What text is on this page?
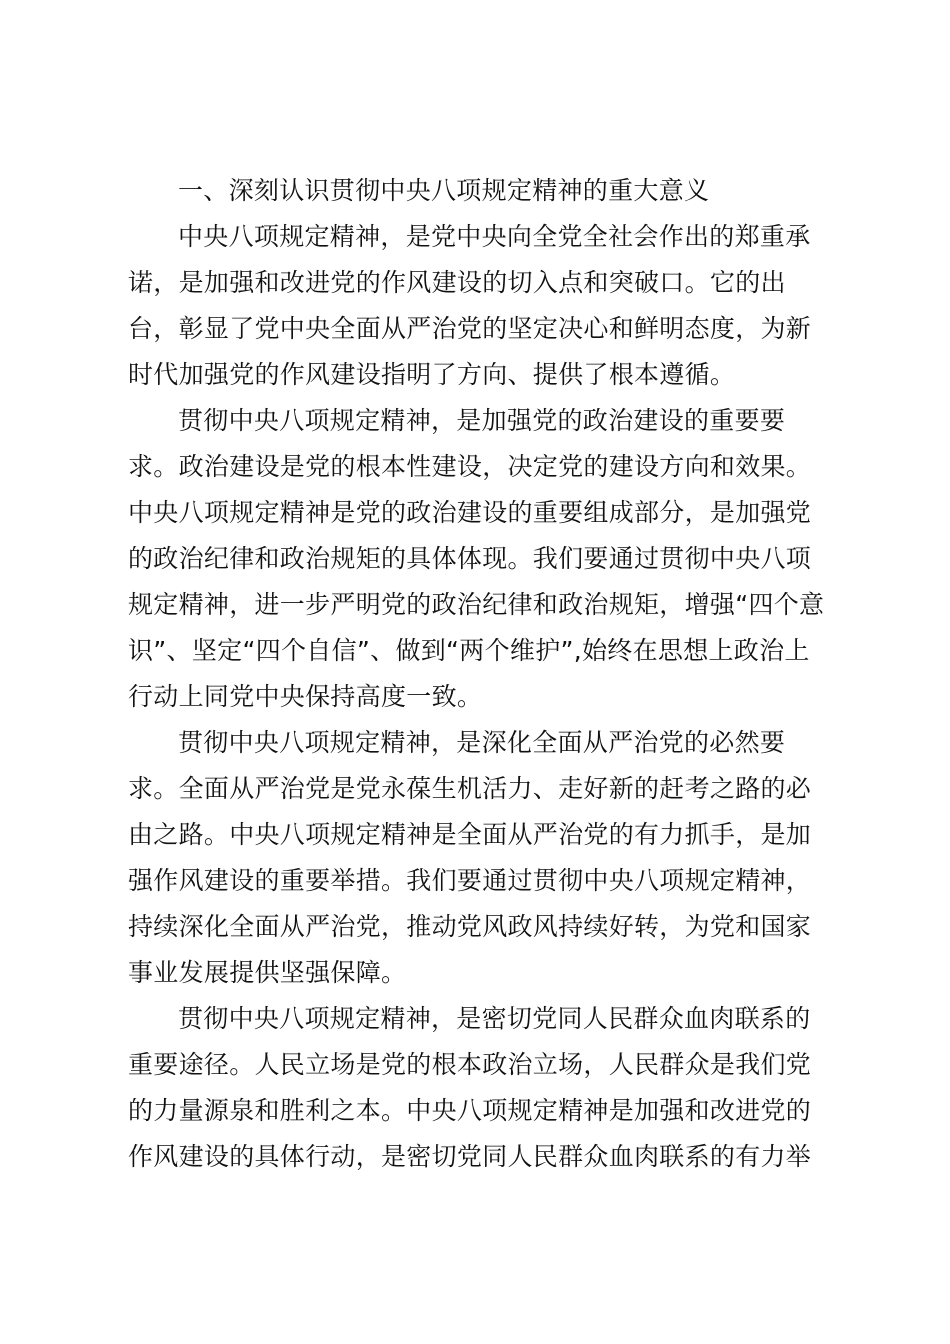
一、深刻认识贯彻中央八项规定精神的重大意义
中央八项规定精神，是党中央向全党全社会作出的郑重承
诺，是加强和改进党的作风建设的切入点和突破口。它的出
台，彰显了党中央全面从严治党的坚定决心和鲜明态度，为新
时代加强党的作风建设指明了方向、提供了根本遵循。
贯彻中央八项规定精神，是加强党的政治建设的重要要
求。政治建设是党的根本性建设，决定党的建设方向和效果。
中央八项规定精神是党的政治建设的重要组成部分，是加强党
的政治纪律和政治规矩的具体体现。我们要通过贯彻中央八项
规定精神，进一步严明党的政治纪律和政治规矩，增强“四个意
识”、坚定“四个自信”、做到“两个维护”,始终在思想上政治上
行动上同党中央保持高度一致。
贯彻中央八项规定精神，是深化全面从严治党的必然要
求。全面从严治党是党永葆生机活力、走好新的赶考之路的必
由之路。中央八项规定精神是全面从严治党的有力抓手，是加
强作风建设的重要举措。我们要通过贯彻中央八项规定精神，
持续深化全面从严治党，推动党风政风持续好转，为党和国家
事业发展提供坚强保障。
贯彻中央八项规定精神，是密切党同人民群众血肉联系的
重要途径。人民立场是党的根本政治立场，人民群众是我们党
的力量源泉和胜利之本。中央八项规定精神是加强和改进党的
作风建设的具体行动，是密切党同人民群众血肉联系的有力举
